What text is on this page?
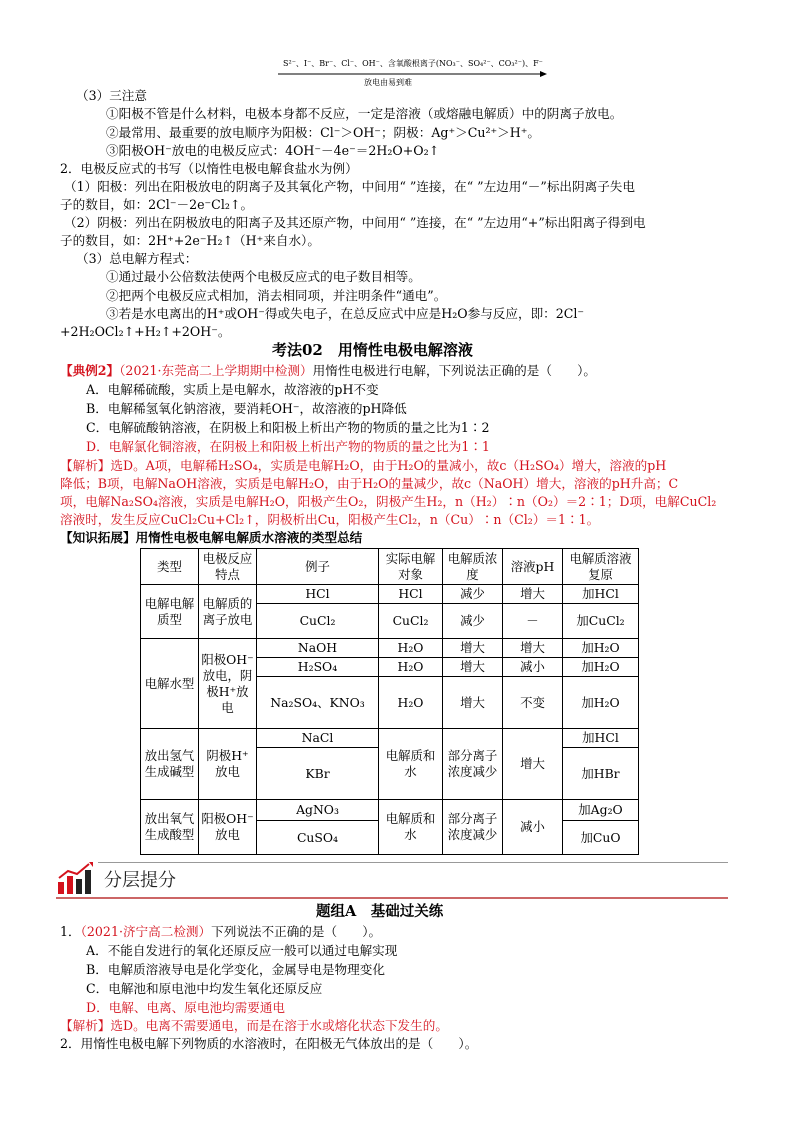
S²⁻、I⁻、Br⁻、Cl⁻、OH⁻、含氧酸根离子(NO₃⁻、SO₄²⁻、CO₃²⁻)、F⁻
放电由易到难
（3）三注意
①阳极不管是什么材料，电极本身都不反应，一定是溶液（或熔融电解质）中的阴离子放电。
②最常用、最重要的放电顺序为阳极：Cl⁻＞OH⁻；阴极：Ag⁺＞Cu²⁺＞H⁺。
③阳极OH⁻放电的电极反应式：4OH⁻－4e⁻＝2H₂O+O₂↑
2．电极反应式的书写（以惰性电极电解食盐水为例）
（1）阳极：列出在阳极放电的阴离子及其氧化产物，中间用“ ”连接，在“ ”左边用“－”标出阴离子失电
子的数目，如：2Cl⁻－2e⁻Cl₂↑。
（2）阴极：列出在阴极放电的阳离子及其还原产物，中间用“ ”连接，在“ ”左边用“+”标出阳离子得到电
子的数目，如：2H⁺+2e⁻H₂↑（H⁺来自水）。
（3）总电解方程式：
①通过最小公倍数法使两个电极反应式的电子数目相等。
②把两个电极反应式相加，消去相同项，并注明条件“通电”。
③若是水电离出的H⁺或OH⁻得或失电子，在总反应式中应是H₂O参与反应，即：2Cl⁻
+2H₂OCl₂↑+H₂↑+2OH⁻。
考法02　用惰性电极电解溶液
【典例2】（2021·东莞高二上学期期中检测）用惰性电极进行电解，下列说法正确的是（　　）。
A．电解稀硫酸，实质上是电解水，故溶液的pH不变
B．电解稀氢氧化钠溶液，要消耗OH⁻，故溶液的pH降低
C．电解硫酸钠溶液，在阴极上和阳极上析出产物的物质的量之比为1∶2
D．电解氯化铜溶液，在阴极上和阳极上析出产物的物质的量之比为1∶1
【解析】选D。A项，电解稀H₂SO₄，实质是电解H₂O，由于H₂O的量减小，故c（H₂SO₄）增大，溶液的pH
降低；B项，电解NaOH溶液，实质是电解H₂O，由于H₂O的量减少，故c（NaOH）增大，溶液的pH升高；C
项，电解Na₂SO₄溶液，实质是电解H₂O，阳极产生O₂，阴极产生H₂，n（H₂）∶n（O₂）＝2∶1；D项，电解CuCl₂
溶液时，发生反应CuCl₂Cu+Cl₂↑，阴极析出Cu，阳极产生Cl₂，n（Cu）∶n（Cl₂）＝1∶1。
【知识拓展】用惰性电极电解电解质水溶液的类型总结
类型	电极反应特点	例子	实际电解对象	电解质浓度	溶液pH	电解质溶液复原
电解电解质型	电解质的离子放电	HCl	HCl	减少	增大	加HCl
		CuCl₂	CuCl₂	减少	－	加CuCl₂
电解水型	阳极OH⁻放电，阴极H⁺放电	NaOH	H₂O	增大	增大	加H₂O
		H₂SO₄	H₂O	增大	减小	加H₂O
		Na₂SO₄、KNO₃	H₂O	增大	不变	加H₂O
放出氢气生成碱型	阴极H⁺放电	NaCl	电解质和水	部分离子浓度减少	增大	加HCl
		KBr				加HBr
放出氧气生成酸型	阳极OH⁻放电	AgNO₃	电解质和水	部分离子浓度减少	减小	加Ag₂O
		CuSO₄				加CuO
分层提分
题组A　基础过关练
1．（2021·济宁高二检测）下列说法不正确的是（　　）。
A．不能自发进行的氧化还原反应一般可以通过电解实现
B．电解质溶液导电是化学变化，金属导电是物理变化
C．电解池和原电池中均发生氧化还原反应
D．电解、电离、原电池均需要通电
【解析】选D。电离不需要通电，而是在溶于水或熔化状态下发生的。
2．用惰性电极电解下列物质的水溶液时，在阳极无气体放出的是（　　）。
